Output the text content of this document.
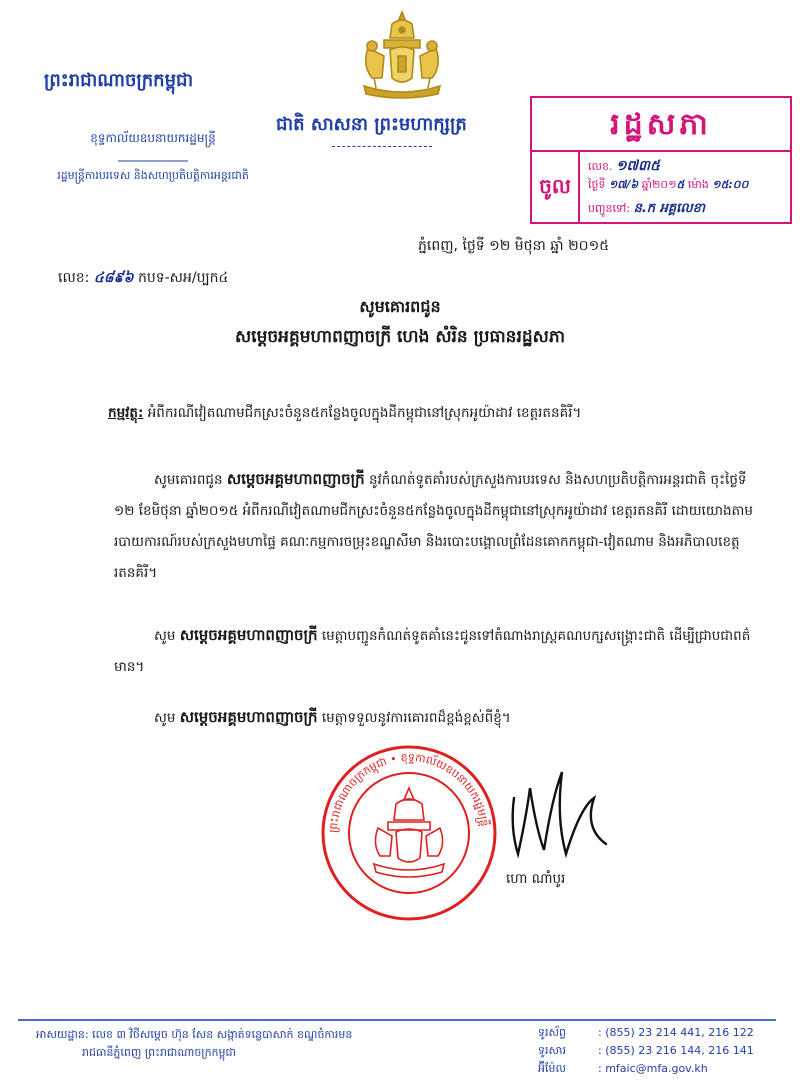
ព្រះរាជាណាចក្រកម្ពុជា
ខុទ្ទកាល័យឧបនាយករដ្ឋមន្ត្រី
រដ្ឋមន្ត្រីការបរទេស និងសហប្រតិបត្តិការអន្តរជាតិ
ជាតិ សាសនា ព្រះមហាក្សត្រ	រដ្ឋសភា
ចូល
លេខ. ១៧៣៥
ថ្ងៃទី ១៧/៦ ឆ្នាំ២០១៥ ម៉ោង ១៥:០០
បញ្ជូនទៅ: ន.ក អគ្គលេខា
ភ្នំពេញ, ថ្ងៃទី ១២ មិថុនា ឆ្នាំ ២០១៥
លេខ: ៤៨៩៦ កបទ-សអ/ប្បក៤
សូមគោរពជូន
សម្តេចអគ្គមហាពញាចក្រី ហេង សំរិន ប្រធានរដ្ឋសភា
កម្មវត្ថុ: អំពីករណីវៀតណាមជីកស្រះចំនួន៥កន្លែងចូលក្នុងដីកម្ពុជានៅស្រុកអូយ៉ាដាវ ខេត្តរតនគិរី។
សូមគោរពជូន សម្តេចអគ្គមហាពញាចក្រី នូវកំណត់ទូតគាំរបស់ក្រសួងការបរទេស និងសហប្រតិបត្តិការអន្តរជាតិ ចុះថ្ងៃទី ១២ ខែមិថុនា ឆ្នាំ២០១៥ អំពីករណីវៀតណាមជីកស្រះចំនួន៥កន្លែងចូលក្នុងដីកម្ពុជានៅស្រុកអូយ៉ាដាវ ខេត្តរតនគិរី ដោយយោងតាមរបាយការណ៍របស់ក្រសួងមហាផ្ទៃ គណៈកម្មការចម្រុះខណ្ឌសីមា និងរបោះបង្គោលព្រំដែនគោកកម្ពុជា-វៀតណាម និងអភិបាលខេត្តរតនគិរី។
សូម សម្តេចអគ្គមហាពញាចក្រី មេត្តាបញ្ជូនកំណត់ទូតគាំនេះជូនទៅតំណាងរាស្ត្រគណបក្សសង្គ្រោះជាតិ ដើម្បីជ្រាបជាពត៌មាន។
សូម សម្តេចអគ្គមហាពញាចក្រី មេត្តាទទួលនូវការគោរពដ៏ខ្ពង់ខ្ពស់ពីខ្ញុំ។
ព្រះរាជាណាចក្រកម្ពុជា • ខុទ្ទកាល័យឧបនាយករដ្ឋមន្ត្រី
ហោ ណាំបូរ
អាសយដ្ឋាន: លេខ ៣ វិថីសម្តេច ហ៊ុន សែន សង្កាត់ទន្លេបាសាក់ ខណ្ឌចំការមន
រាជធានីភ្នំពេញ ព្រះរាជាណាចក្រកម្ពុជា
ទូរស័ព្ទ	: (855) 23 214 441, 216 122
ទូរសារ	: (855) 23 216 144, 216 141
អ៊ីម៉ែល	: mfaic@mfa.gov.kh
